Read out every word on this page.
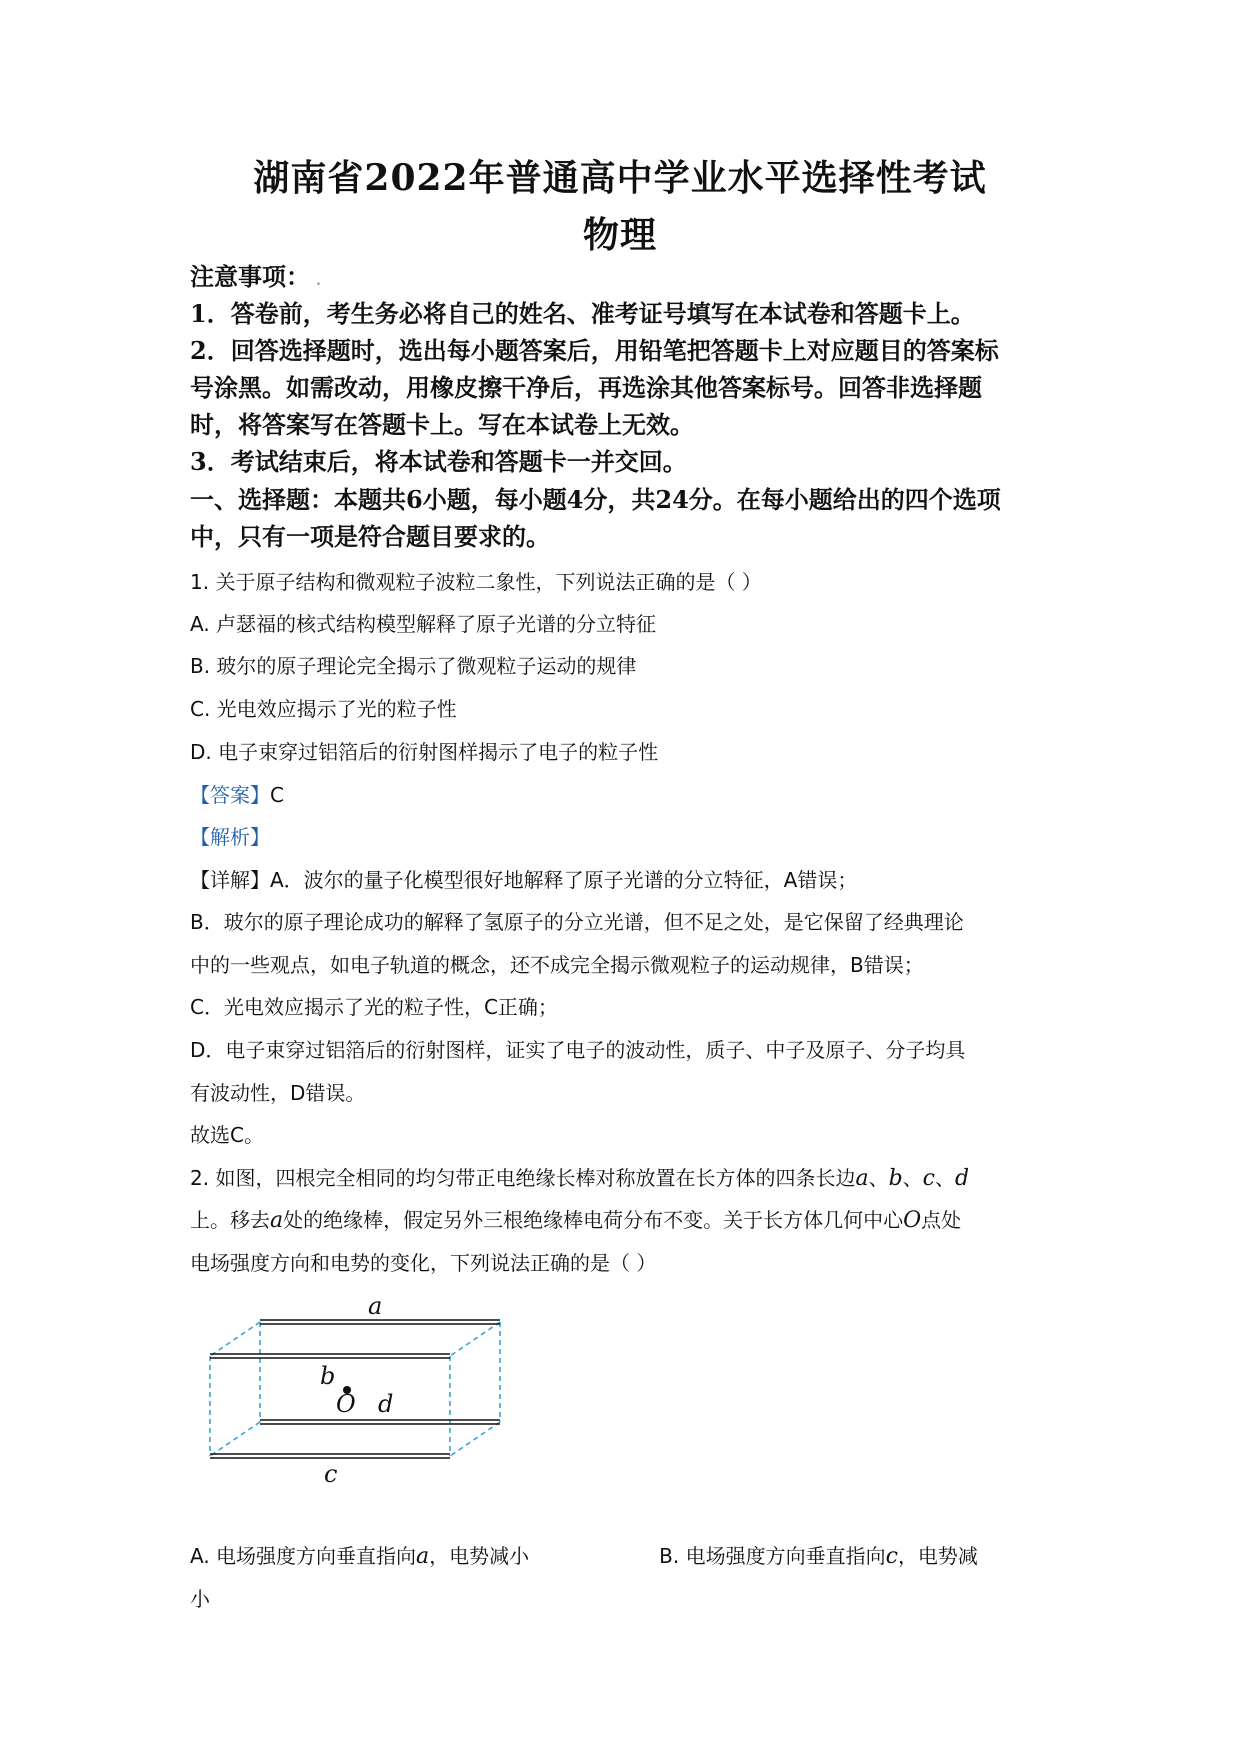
湖南省2022年普通高中学业水平选择性考试
物理
注意事项： .
1．答卷前，考生务必将自己的姓名、准考证号填写在本试卷和答题卡上。
2．回答选择题时，选出每小题答案后，用铅笔把答题卡上对应题目的答案标
号涂黑。如需改动，用橡皮擦干净后，再选涂其他答案标号。回答非选择题
时，将答案写在答题卡上。写在本试卷上无效。
3．考试结束后，将本试卷和答题卡一并交回。
一、选择题：本题共6小题，每小题4分，共24分。在每小题给出的四个选项
中，只有一项是符合题目要求的。
1. 关于原子结构和微观粒子波粒二象性，下列说法正确的是（ ）
A. 卢瑟福的核式结构模型解释了原子光谱的分立特征
B. 玻尔的原子理论完全揭示了微观粒子运动的规律
C. 光电效应揭示了光的粒子性
D. 电子束穿过铝箔后的衍射图样揭示了电子的粒子性
【答案】C
【解析】
【详解】A．波尔的量子化模型很好地解释了原子光谱的分立特征，A错误；
B．玻尔的原子理论成功的解释了氢原子的分立光谱，但不足之处，是它保留了经典理论
中的一些观点，如电子轨道的概念，还不成完全揭示微观粒子的运动规律，B错误；
C．光电效应揭示了光的粒子性，C正确；
D．电子束穿过铝箔后的衍射图样，证实了电子的波动性，质子、中子及原子、分子均具
有波动性，D错误。
故选C。
2. 如图，四根完全相同的均匀带正电绝缘长棒对称放置在长方体的四条长边a、b、c、d
上。移去a处的绝缘棒，假定另外三根绝缘棒电荷分布不变。关于长方体几何中心O点处
电场强度方向和电势的变化，下列说法正确的是（ ）
a
b
O d
c
A. 电场强度方向垂直指向a，电势减小	B. 电场强度方向垂直指向c，电势减
小
